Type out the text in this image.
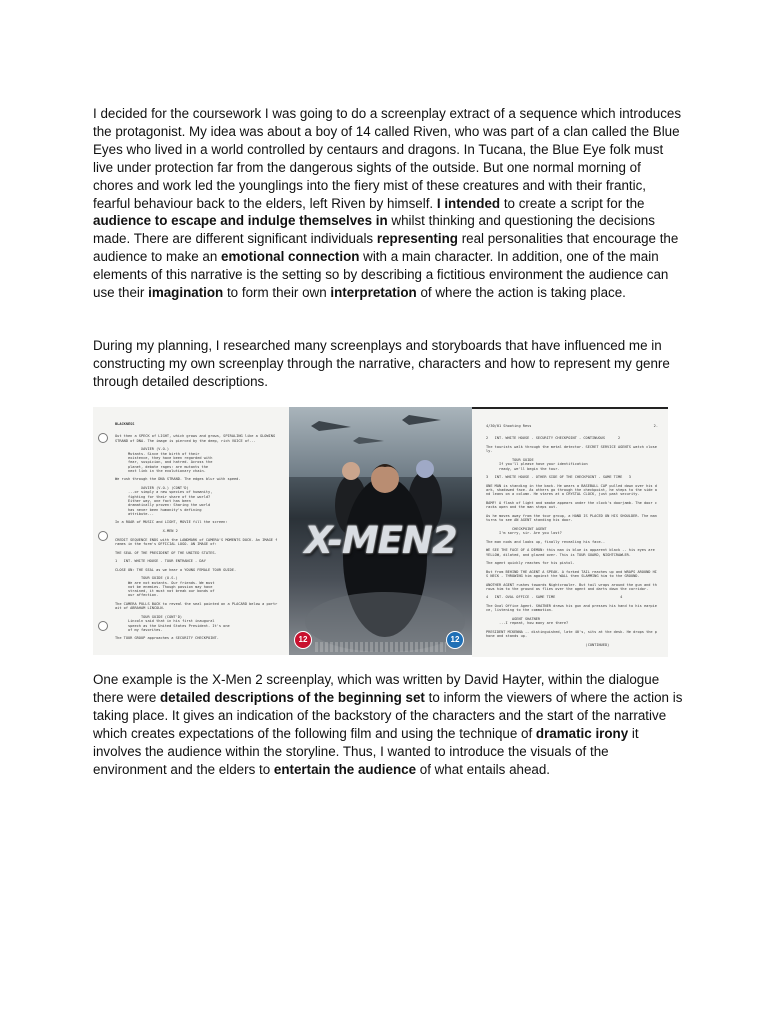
I decided for the coursework I was going to do a screenplay extract of a sequence which introduces the protagonist. My idea was about a boy of 14 called Riven, who was part of a clan called the Blue Eyes who lived in a world controlled by centaurs and dragons. In Tucana, the Blue Eye folk must live under protection far from the dangerous sights of the outside. But one normal morning of chores and work led the younglings into the fiery mist of these creatures and with their frantic, fearful behaviour back to the elders, left Riven by himself. I intended to create a script for the audience to escape and indulge themselves in whilst thinking and questioning the decisions made. There are different significant individuals representing real personalities that encourage the audience to make an emotional connection with a main character. In addition, one of the main elements of this narrative is the setting so by describing a fictitious environment the audience can use their imagination to form their own interpretation of where the action is taking place.

During my planning, I researched many screenplays and storyboards that have influenced me in constructing my own screenplay through the narrative, characters and how to represent my genre through detailed descriptions.

BLACKNESS

Out then a SPECK of LIGHT, which grows and grows, SPIRALING like a GLOWING STRAND of DNA. The image is pierced by the deep, rich VOICE of...

XAVIER (V.O.)
Mutants. Since the birth of their
existence, they have been regarded with
fear, suspicion, and hatred. Across the
planet, debate rages: are mutants the
next link in the evolutionary chain.

We rush through the DNA STRAND. The edges blur with speed.

XAVIER (V.O.) (CONT'D)
...or simply a new species of humanity,
fighting for their share of the world?
Either way, one fact has been
dramatically proven: Sharing the world
has never been humanity's defining
attribute...

In a ROAR of MUSIC and LIGHT, MOVIE fill the screen:

X-MEN 2

CREDIT SEQUENCE ENDS with the LANDMARK of CAMERA'S MOMENTS DOCK. An IMAGE frames in the form's OFFICIAL LOGO. AN IMAGE of:

THE SEAL OF THE PRESIDENT OF THE UNITED STATES.

1   INT. WHITE HOUSE - TOUR ENTRANCE - DAY

CLOSE ON: THE SEAL as we hear a YOUNG FEMALE TOUR GUIDE.

TOUR GUIDE (O.S.)
We are not mutants. Our friends. We must
not be enemies. Though passion may have
strained, it must not break our bonds of
our affection.

The CAMERA PULLS BACK to reveal the seal painted on a PLACARD below a portrait of ABRAHAM LINCOLN.

TOUR GUIDE (CONT'D)
Lincoln said that in his first inaugural
speech as the United States President. It's one
of my favorites.

The TOUR GROUP approaches a SECURITY CHECKPOINT.

X-MEN2
12	12

4/30/01 Shooting Revs	2.

2   INT. WHITE HOUSE - SECURITY CHECKPOINT - CONTINUOUS      2

The tourists walk through the metal detector. SECRET SERVICE AGENTS watch closely.

TOUR GUIDE
If you'll please have your identification
ready, we'll begin the tour.

3   INT. WHITE HOUSE - OTHER SIDE OF THE CHECKPOINT - SAME TIME   3

ONE MAN is standing in the back. He wears a BASEBALL CAP pulled down over his dark, shadowed face. As others go through the checkpoint, he steps to the side and leans on a column. He stares at a CRYSTAL CLOCK, just past security.

BAMF! A flash of light and smoke appears under the clock's doorjamb. The door cracks open and the man steps out.

As he moves away from the tour group, a HAND IS PLACED ON HIS SHOULDER. The man turns to see AN AGENT standing his door.

CHECKPOINT AGENT
I'm sorry, sir. Are you lost?

The man nods and looks up, finally revealing his face--

WE SEE THE FACE OF A DEMON: this man is blue is apparent black -- his eyes are YELLOW, dilated, and glazed over. This is TOUR GUARD, NIGHTCRAWLER.

The agent quickly reaches for his pistol.

But from BEHIND THE AGENT A SPEAK. A forked TAIL reaches up and WRAPS AROUND HIS NECK - THROWING him against the WALL then SLAMMING him to the GROUND.

ANOTHER AGENT rushes towards Nightcrawler. But tail wraps around the gun and throws him to the ground as flies over the agent and darts down the corridor.

4   INT. OVAL OFFICE - SAME TIME                              4

The Oval Office Agent. SHATNER draws his gun and presses his hand to his earpiece, listening to the commotion.

AGENT SHATNER
...I repeat, how many are there?

PRESIDENT MCKENNA -- distinguished, late 40's, sits at the desk. He drops the phone and stands up.

(CONTINUED)

One example is the X-Men 2 screenplay, which was written by David Hayter, within the dialogue there were detailed descriptions of the beginning set to inform the viewers of where the action is taking place. It gives an indication of the backstory of the characters and the start of the narrative which creates expectations of the following film and using the technique of dramatic irony it involves the audience within the storyline. Thus, I wanted to introduce the visuals of the environment and the elders to entertain the audience of what entails ahead.
